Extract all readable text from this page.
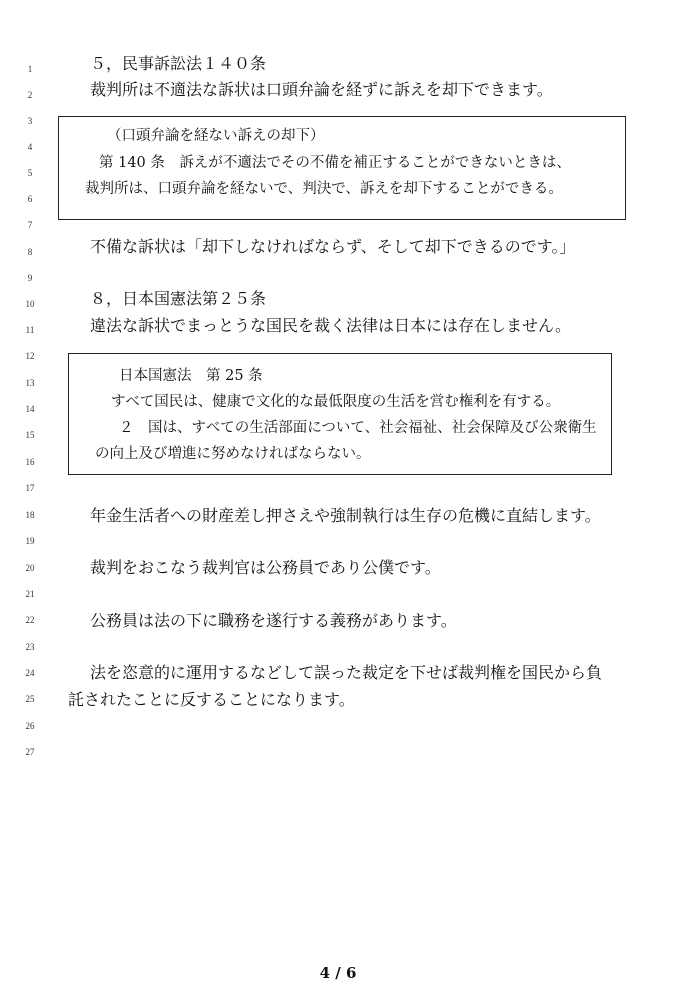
1
2
3
4
5
6
7
8
9
10
11
12
13
14
15
16
17
18
19
20
21
22
23
24
25
26
27
５，民事訴訟法１４０条
裁判所は不適法な訴状は口頭弁論を経ずに訴えを却下できます。
（口頭弁論を経ない訴えの却下）
第 140 条　訴えが不適法でその不備を補正することができないときは、
裁判所は、口頭弁論を経ないで、判決で、訴えを却下することができる。
不備な訴状は「却下しなければならず、そして却下できるのです。」
８，日本国憲法第２５条
違法な訴状でまっとうな国民を裁く法律は日本には存在しません。
日本国憲法　第 25 条
すべて国民は、健康で文化的な最低限度の生活を営む権利を有する。
２　国は、すべての生活部面について、社会福祉、社会保障及び公衆衛生
の向上及び増進に努めなければならない。
年金生活者への財産差し押さえや強制執行は生存の危機に直結します。
裁判をおこなう裁判官は公務員であり公僕です。
公務員は法の下に職務を遂行する義務があります。
法を恣意的に運用するなどして誤った裁定を下せば裁判権を国民から負
託されたことに反することになります。
4 / 6
